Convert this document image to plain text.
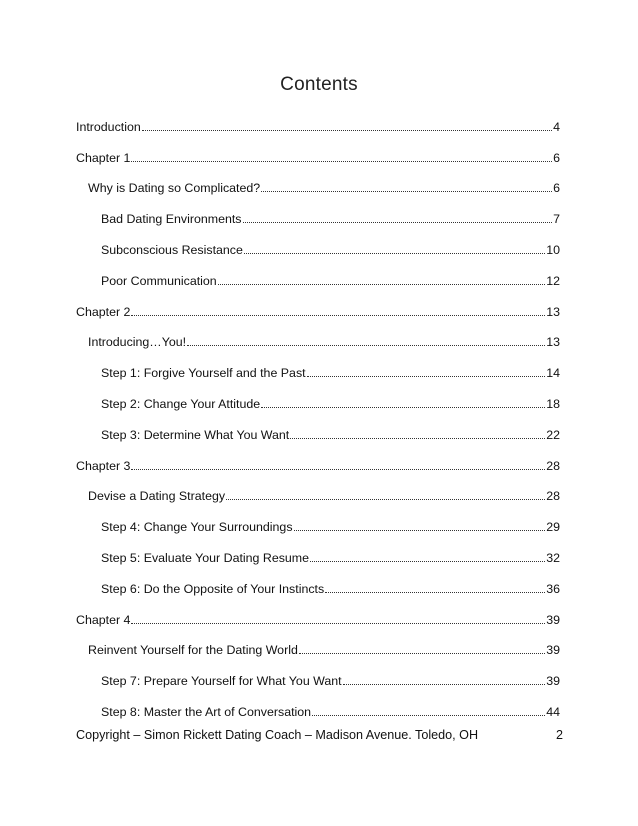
Contents
Introduction	4
Chapter 1	6
Why is Dating so Complicated?	6
Bad Dating Environments	7
Subconscious Resistance	10
Poor Communication	12
Chapter 2	13
Introducing…You!	13
Step 1: Forgive Yourself and the Past	14
Step 2: Change Your Attitude	18
Step 3: Determine What You Want	22
Chapter 3	28
Devise a Dating Strategy	28
Step 4: Change Your Surroundings	29
Step 5: Evaluate Your Dating Resume	32
Step 6: Do the Opposite of Your Instincts	36
Chapter 4	39
Reinvent Yourself for the Dating World	39
Step 7: Prepare Yourself for What You Want	39
Step 8: Master the Art of Conversation	44
Copyright – Simon Rickett Dating Coach – Madison Avenue. Toledo, OH	2
